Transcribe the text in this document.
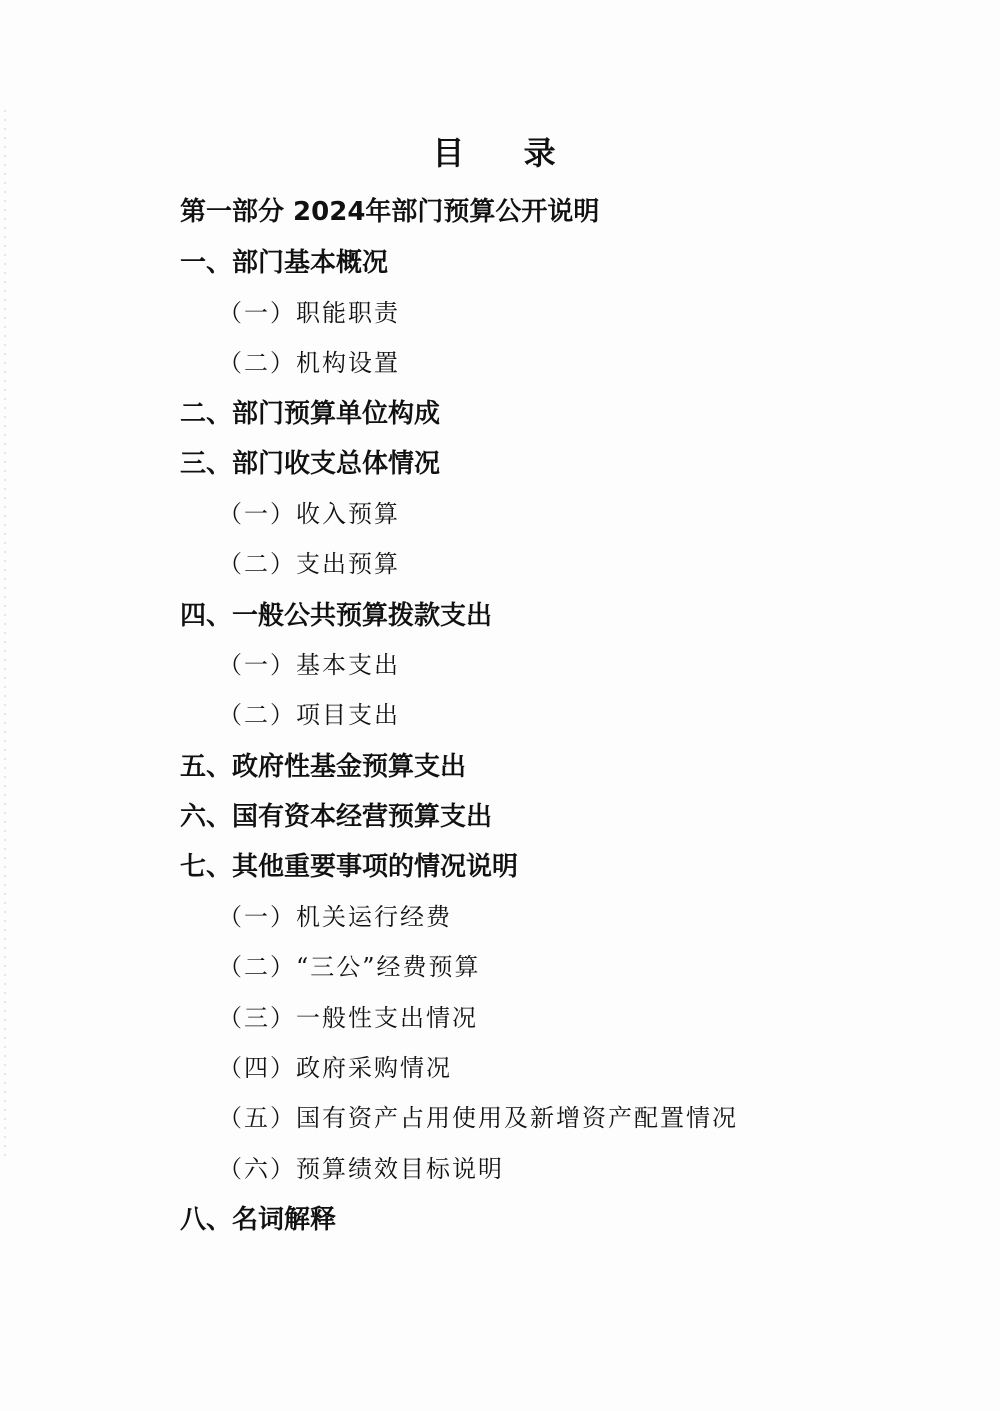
目 录
第一部分 2024年部门预算公开说明
一、部门基本概况
（一）职能职责
（二）机构设置
二、部门预算单位构成
三、部门收支总体情况
（一）收入预算
（二）支出预算
四、一般公共预算拨款支出
（一）基本支出
（二）项目支出
五、政府性基金预算支出
六、国有资本经营预算支出
七、其他重要事项的情况说明
（一）机关运行经费
（二）“三公”经费预算
（三）一般性支出情况
（四）政府采购情况
（五）国有资产占用使用及新增资产配置情况
（六）预算绩效目标说明
八、名词解释
